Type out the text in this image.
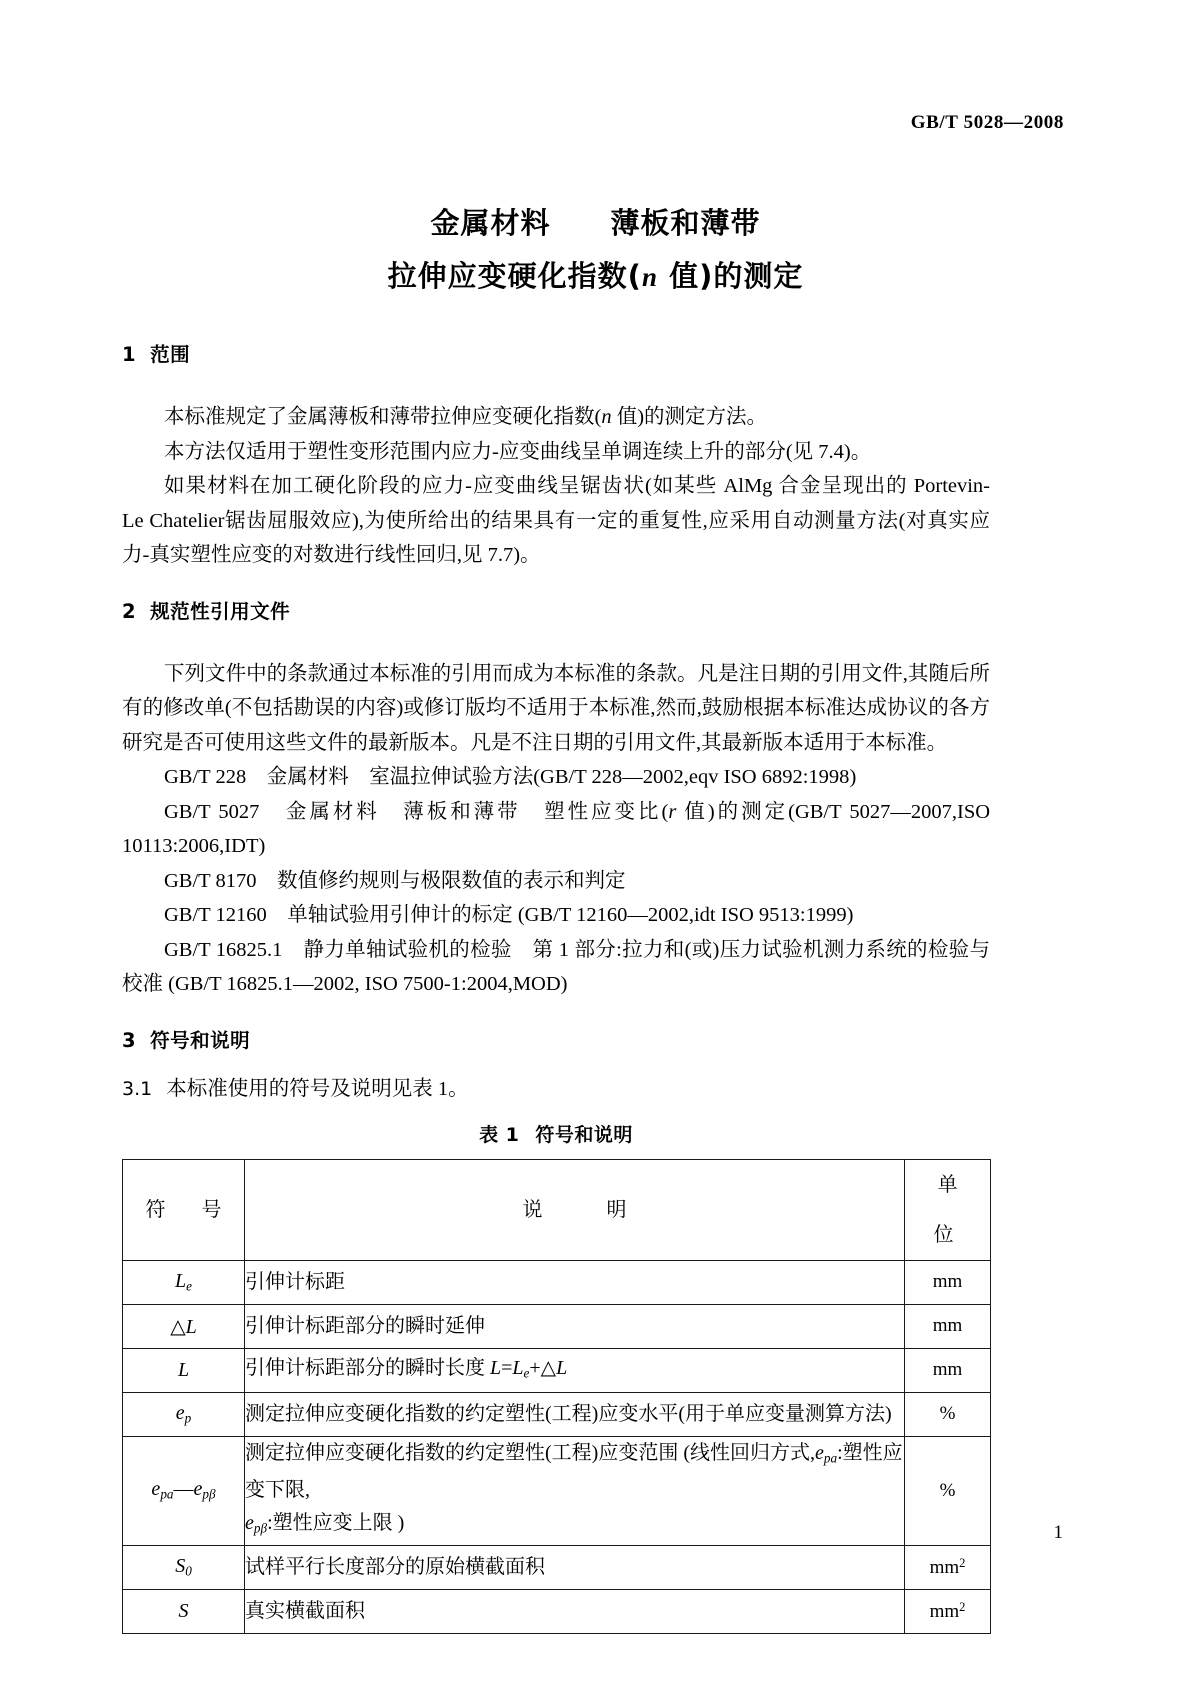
GB/T 5028—2008
金属材料　　薄板和薄带
拉伸应变硬化指数(n 值)的测定
1 范围

本标准规定了金属薄板和薄带拉伸应变硬化指数(n 值)的测定方法。

本方法仅适用于塑性变形范围内应力-应变曲线呈单调连续上升的部分(见 7.4)。

如果材料在加工硬化阶段的应力-应变曲线呈锯齿状(如某些 AlMg 合金呈现出的 Portevin-Le Chatelier锯齿屈服效应),为使所给出的结果具有一定的重复性,应采用自动测量方法(对真实应力-真实塑性应变的对数进行线性回归,见 7.7)。

2 规范性引用文件

下列文件中的条款通过本标准的引用而成为本标准的条款。凡是注日期的引用文件,其随后所有的修改单(不包括勘误的内容)或修订版均不适用于本标准,然而,鼓励根据本标准达成协议的各方研究是否可使用这些文件的最新版本。凡是不注日期的引用文件,其最新版本适用于本标准。

GB/T 228　金属材料　室温拉伸试验方法(GB/T 228—2002,eqv ISO 6892:1998)

GB/T 5027　金属材料　薄板和薄带　塑性应变比(r 值)的测定(GB/T 5027—2007,ISO 10113:2006,IDT)

GB/T 8170　数值修约规则与极限数值的表示和判定

GB/T 12160　单轴试验用引伸计的标定 (GB/T 12160—2002,idt ISO 9513:1999)

GB/T 16825.1　静力单轴试验机的检验　第 1 部分:拉力和(或)压力试验机测力系统的检验与校准 (GB/T 16825.1—2002, ISO 7500-1:2004,MOD)

3 符号和说明

3.1 本标准使用的符号及说明见表 1。

表 1 符号和说明
符　号	说　　明	单　位
$L_e$	引伸计标距	mm
△L	引伸计标距部分的瞬时延伸	mm
L	引伸计标距部分的瞬时长度 $L=L_e+\triangle L$	mm
$e_p$	测定拉伸应变硬化指数的约定塑性(工程)应变水平(用于单应变量测算方法)	%
$e_{pa}—e_{p\beta}$	测定拉伸应变硬化指数的约定塑性(工程)应变范围 (线性回归方式$,e_{pa}$:塑性应变下限,
$e_{p\beta}$:塑性应变上限 )	%
$S_0$	试样平行长度部分的原始横截面积	$mm^2$
S	真实横截面积	$mm^2$
1
